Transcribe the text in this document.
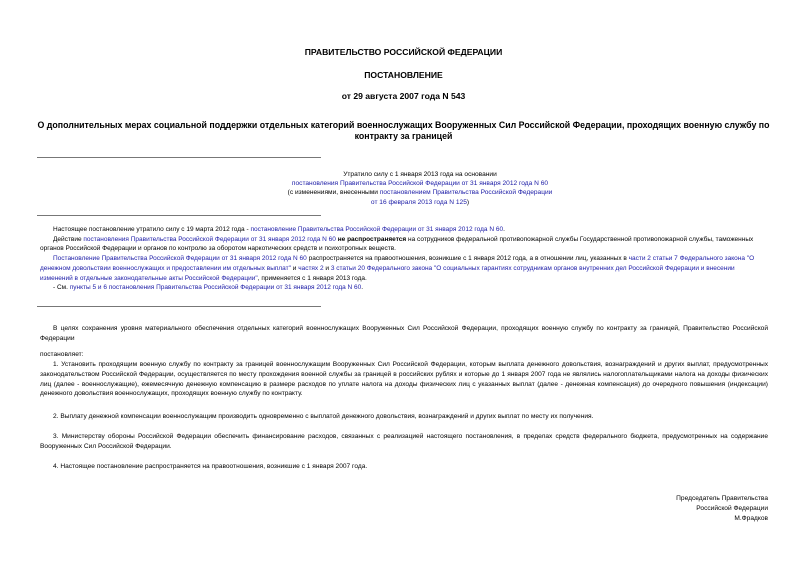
ПРАВИТЕЛЬСТВО РОССИЙСКОЙ ФЕДЕРАЦИИ
ПОСТАНОВЛЕНИЕ
от 29 августа 2007 года N 543
О дополнительных мерах социальной поддержки отдельных категорий военнослужащих Вооруженных Сил Российской Федерации, проходящих военную службу по контракту за границей
Утратило силу с 1 января 2013 года на основании
постановления Правительства Российской Федерации от 31 января 2012 года N 60
(с изменениями, внесенными постановлением Правительства Российской Федерации
от 16 февраля 2013 года N 125)

Настоящее постановление утратило силу с 19 марта 2012 года - постановление Правительства Российской Федерации от 31 января 2012 года N 60.

Действие постановления Правительства Российской Федерации от 31 января 2012 года N 60 не распространяется на сотрудников федеральной противопожарной службы Государственной противопожарной службы, таможенных органов Российской Федерации и органов по контролю за оборотом наркотических средств и психотропных веществ.

Постановление Правительства Российской Федерации от 31 января 2012 года N 60 распространяется на правоотношения, возникшие с 1 января 2012 года, а в отношении лиц, указанных в части 2 статьи 7 Федерального закона "О денежном довольствии военнослужащих и предоставлении им отдельных выплат" и частях 2 и 3 статьи 20 Федерального закона "О социальных гарантиях сотрудникам органов внутренних дел Российской Федерации и внесении изменений в отдельные законодательные акты Российской Федерации", применяется с 1 января 2013 года.

- См. пункты 5 и 6 постановления Правительства Российской Федерации от 31 января 2012 года N 60.

В целях сохранения уровня материального обеспечения отдельных категорий военнослужащих Вооруженных Сил Российской Федерации, проходящих военную службу по контракту за границей, Правительство Российской Федерации

постановляет:

1. Установить проходящим военную службу по контракту за границей военнослужащим Вооруженных Сил Российской Федерации, которым выплата денежного довольствия, вознаграждений и других выплат, предусмотренных законодательством Российской Федерации, осуществляется по месту прохождения военной службы за границей в российских рублях и которые до 1 января 2007 года не являлись налогоплательщиками налога на доходы физических лиц (далее - военнослужащие), ежемесячную денежную компенсацию в размере расходов по уплате налога на доходы физических лиц с указанных выплат (далее - денежная компенсация) до очередного повышения (индексации) денежного довольствия военнослужащих, проходящих военную службу по контракту.

2. Выплату денежной компенсации военнослужащим производить одновременно с выплатой денежного довольствия, вознаграждений и других выплат по месту их получения.

3. Министерству обороны Российской Федерации обеспечить финансирование расходов, связанных с реализацией настоящего постановления, в пределах средств федерального бюджета, предусмотренных на содержание Вооруженных Сил Российской Федерации.

4. Настоящее постановление распространяется на правоотношения, возникшие с 1 января 2007 года.

Председатель Правительства
Российской Федерации
М.Фрадков
